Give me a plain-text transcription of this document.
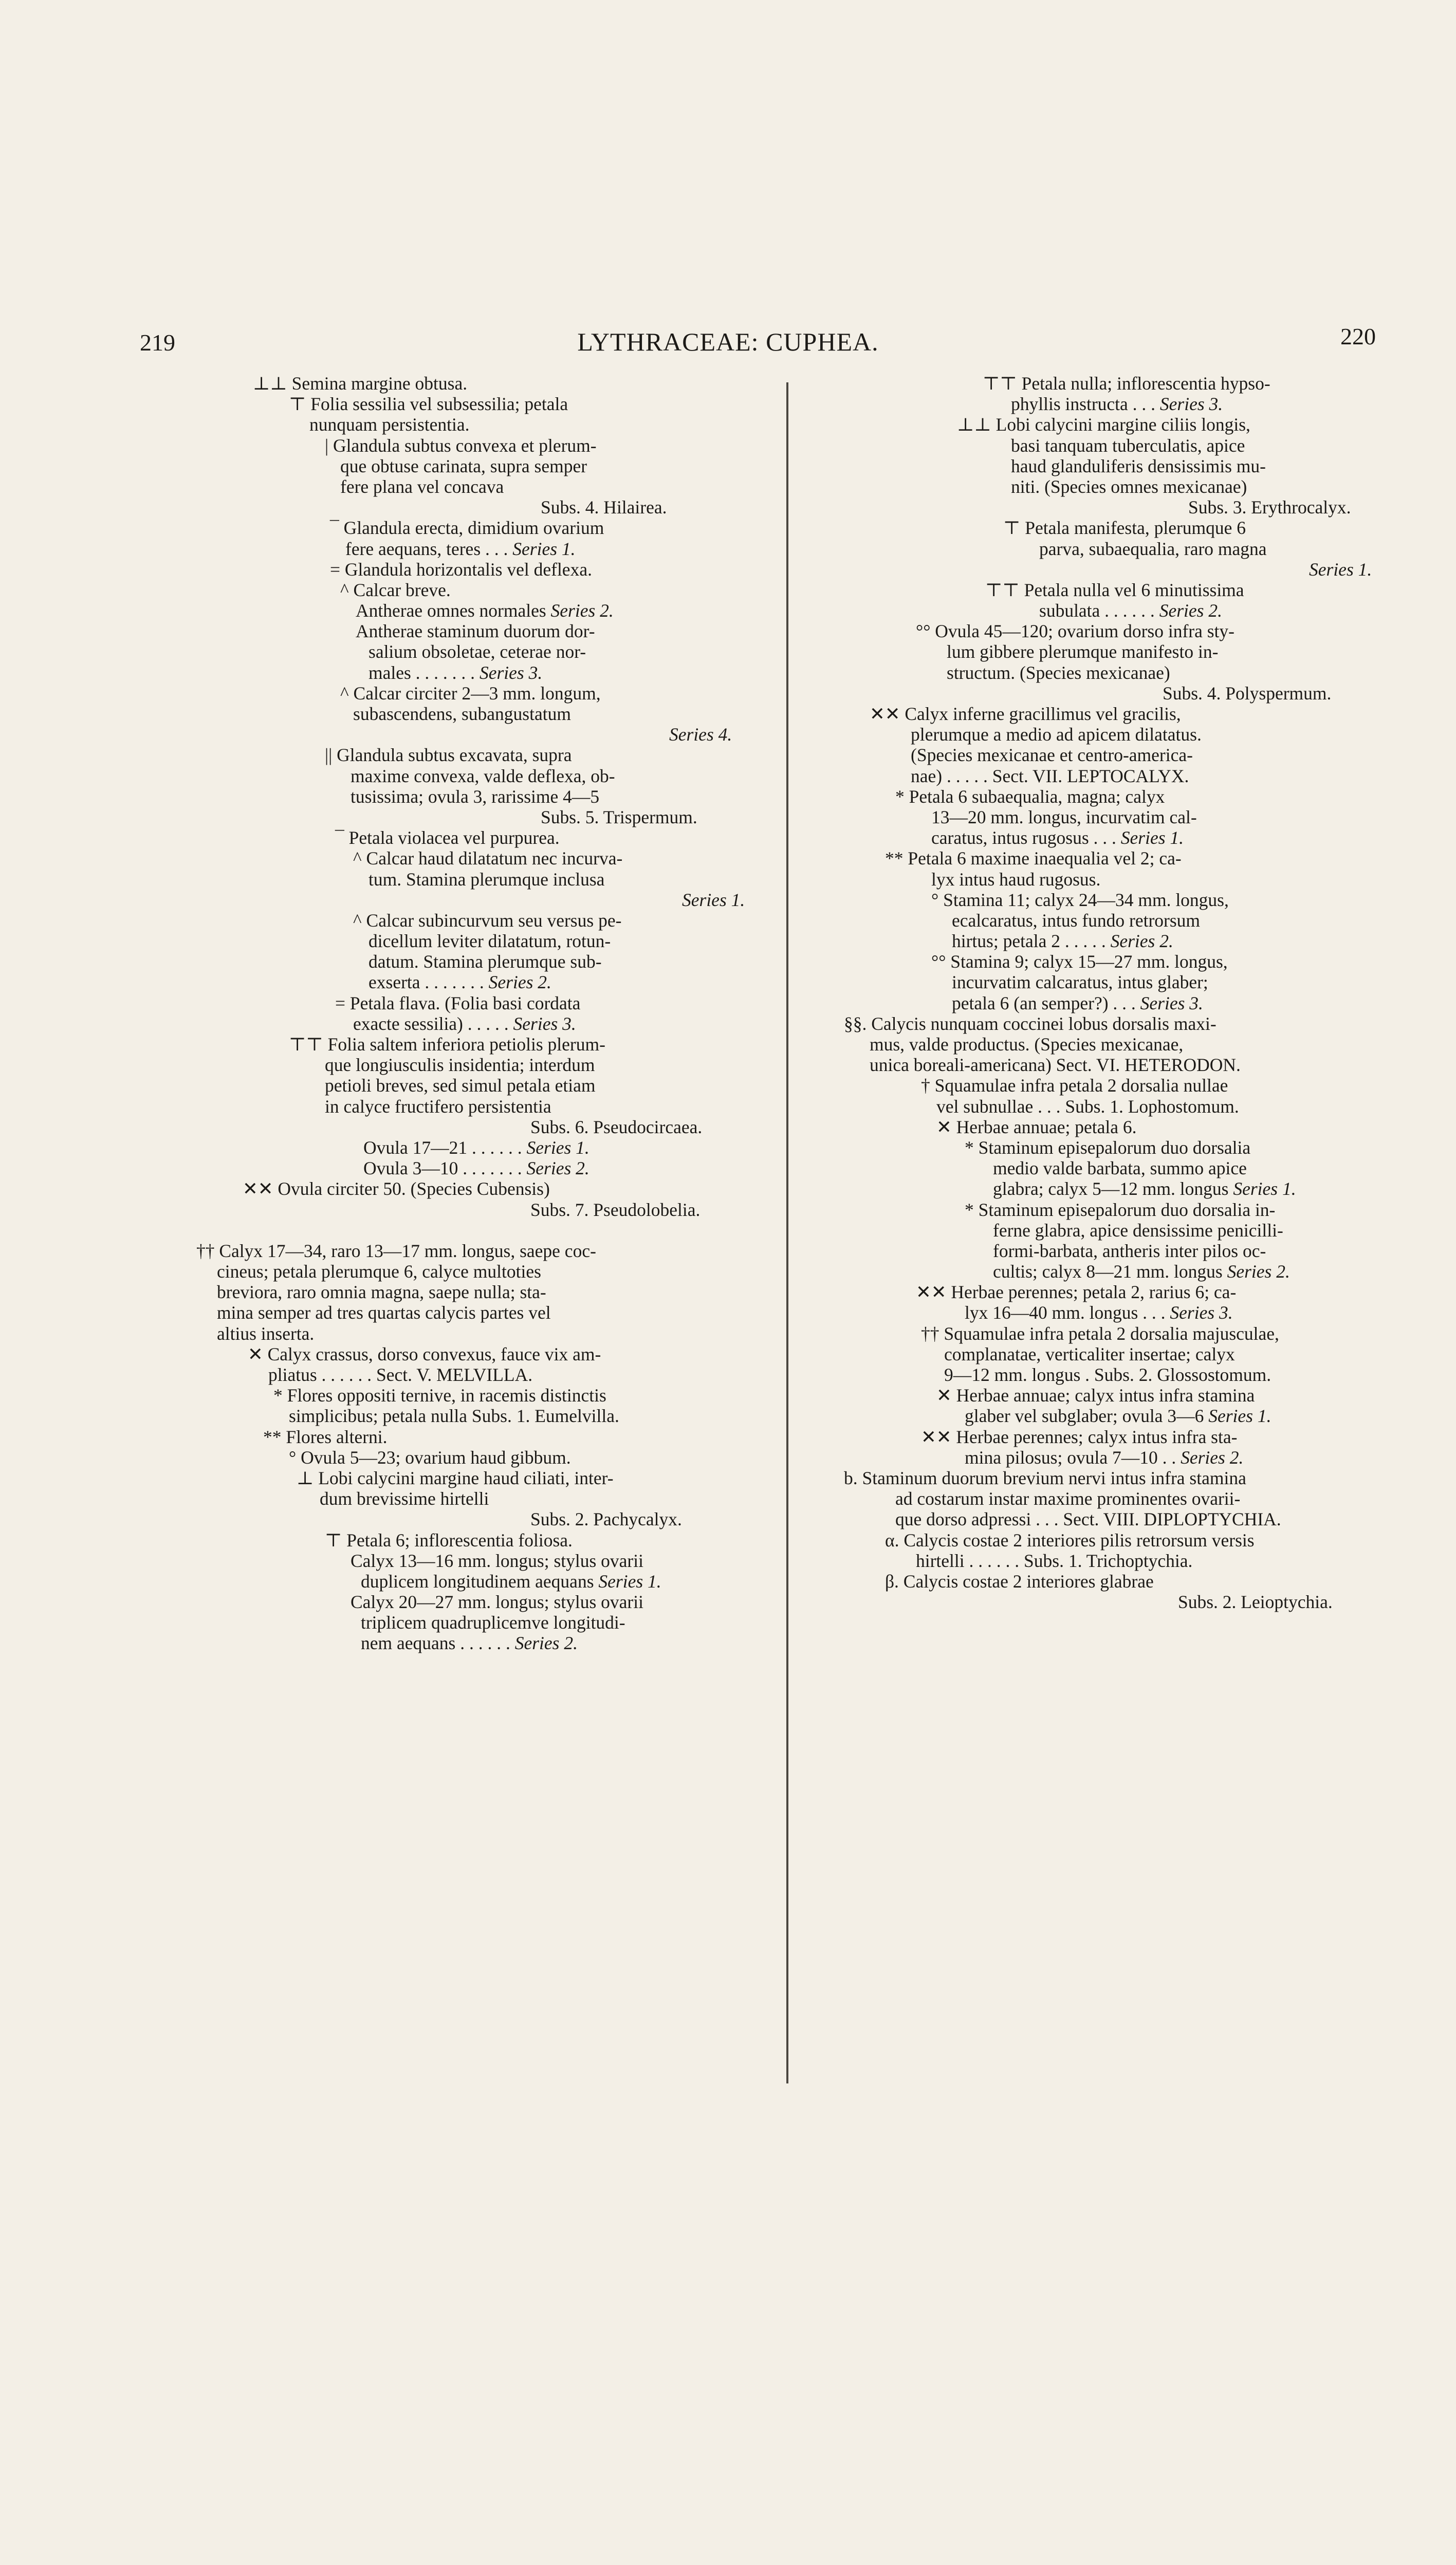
219	LYTHRACEAE: CUPHEA.	220
⊥⊥ Semina margine obtusa.
⊤ Folia sessilia vel subsessilia; petala
nunquam persistentia.
| Glandula subtus convexa et plerum-
que obtuse carinata, supra semper
fere plana vel concava
Subs. 4. Hilairea.
¯ Glandula erecta, dimidium ovarium
fere aequans, teres . . . Series 1.
= Glandula horizontalis vel deflexa.
^ Calcar breve.
Antherae omnes normales Series 2.
Antherae staminum duorum dor-
salium obsoletae, ceterae nor-
males . . . . . . . Series 3.
^ Calcar circiter 2—3 mm. longum,
subascendens, subangustatum
Series 4.
|| Glandula subtus excavata, supra
maxime convexa, valde deflexa, ob-
tusissima; ovula 3, rarissime 4—5
Subs. 5. Trispermum.
¯ Petala violacea vel purpurea.
^ Calcar haud dilatatum nec incurva-
tum. Stamina plerumque inclusa
Series 1.
^ Calcar subincurvum seu versus pe-
dicellum leviter dilatatum, rotun-
datum. Stamina plerumque sub-
exserta . . . . . . . Series 2.
= Petala flava. (Folia basi cordata
exacte sessilia) . . . . . Series 3.
⊤⊤ Folia saltem inferiora petiolis plerum-
que longiusculis insidentia; interdum
petioli breves, sed simul petala etiam
in calyce fructifero persistentia
Subs. 6. Pseudocircaea.
Ovula 17—21 . . . . . . Series 1.
Ovula 3—10 . . . . . . . Series 2.
✕✕ Ovula circiter 50. (Species Cubensis)
Subs. 7. Pseudolobelia.
†† Calyx 17—34, raro 13—17 mm. longus, saepe coc-
cineus; petala plerumque 6, calyce multoties
breviora, raro omnia magna, saepe nulla; sta-
mina semper ad tres quartas calycis partes vel
altius inserta.
✕ Calyx crassus, dorso convexus, fauce vix am-
pliatus . . . . . . Sect. V. MELVILLA.
* Flores oppositi ternive, in racemis distinctis
simplicibus; petala nulla Subs. 1. Eumelvilla.
** Flores alterni.
° Ovula 5—23; ovarium haud gibbum.
⊥ Lobi calycini margine haud ciliati, inter-
dum brevissime hirtelli
Subs. 2. Pachycalyx.
⊤ Petala 6; inflorescentia foliosa.
Calyx 13—16 mm. longus; stylus ovarii
duplicem longitudinem aequans Series 1.
Calyx 20—27 mm. longus; stylus ovarii
triplicem quadruplicemve longitudi-
nem aequans . . . . . . Series 2.
⊤⊤ Petala nulla; inflorescentia hypso-
phyllis instructa . . . Series 3.
⊥⊥ Lobi calycini margine ciliis longis,
basi tanquam tuberculatis, apice
haud glanduliferis densissimis mu-
niti. (Species omnes mexicanae)
Subs. 3. Erythrocalyx.
⊤ Petala manifesta, plerumque 6
parva, subaequalia, raro magna
Series 1.
⊤⊤ Petala nulla vel 6 minutissima
subulata . . . . . . Series 2.
°° Ovula 45—120; ovarium dorso infra sty-
lum gibbere plerumque manifesto in-
structum. (Species mexicanae)
Subs. 4. Polyspermum.
✕✕ Calyx inferne gracillimus vel gracilis,
plerumque a medio ad apicem dilatatus.
(Species mexicanae et centro-america-
nae) . . . . . Sect. VII. LEPTOCALYX.
* Petala 6 subaequalia, magna; calyx
13—20 mm. longus, incurvatim cal-
caratus, intus rugosus . . . Series 1.
** Petala 6 maxime inaequalia vel 2; ca-
lyx intus haud rugosus.
° Stamina 11; calyx 24—34 mm. longus,
ecalcaratus, intus fundo retrorsum
hirtus; petala 2 . . . . . Series 2.
°° Stamina 9; calyx 15—27 mm. longus,
incurvatim calcaratus, intus glaber;
petala 6 (an semper?) . . . Series 3.
§§. Calycis nunquam coccinei lobus dorsalis maxi-
mus, valde productus. (Species mexicanae,
unica boreali-americana) Sect. VI. HETERODON.
† Squamulae infra petala 2 dorsalia nullae
vel subnullae . . . Subs. 1. Lophostomum.
✕ Herbae annuae; petala 6.
* Staminum episepalorum duo dorsalia
medio valde barbata, summo apice
glabra; calyx 5—12 mm. longus Series 1.
* Staminum episepalorum duo dorsalia in-
ferne glabra, apice densissime penicilli-
formi-barbata, antheris inter pilos oc-
cultis; calyx 8—21 mm. longus Series 2.
✕✕ Herbae perennes; petala 2, rarius 6; ca-
lyx 16—40 mm. longus . . . Series 3.
†† Squamulae infra petala 2 dorsalia majusculae,
complanatae, verticaliter insertae; calyx
9—12 mm. longus . Subs. 2. Glossostomum.
✕ Herbae annuae; calyx intus infra stamina
glaber vel subglaber; ovula 3—6 Series 1.
✕✕ Herbae perennes; calyx intus infra sta-
mina pilosus; ovula 7—10 . . Series 2.
b. Staminum duorum brevium nervi intus infra stamina
ad costarum instar maxime prominentes ovarii-
que dorso adpressi . . . Sect. VIII. DIPLOPTYCHIA.
α. Calycis costae 2 interiores pilis retrorsum versis
hirtelli . . . . . . Subs. 1. Trichoptychia.
β. Calycis costae 2 interiores glabrae
Subs. 2. Leioptychia.
